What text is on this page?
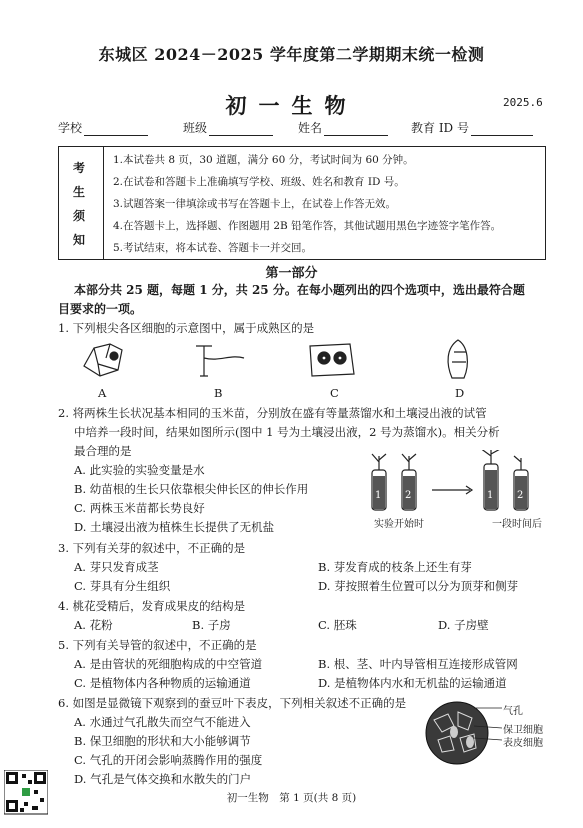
东城区 2024－2025 学年度第二学期期末统一检测
初一生物	2025.6
学校	班级	姓名	教育 ID 号
考
生
须
知
1.本试卷共 8 页，30 道题，满分 60 分，考试时间为 60 分钟。
2.在试卷和答题卡上准确填写学校、班级、姓名和教育 ID 号。
3.试题答案一律填涂或书写在答题卡上，在试卷上作答无效。
4.在答题卡上，选择题、作图题用 2B 铅笔作答，其他试题用黑色字迹签字笔作答。
5.考试结束，将本试卷、答题卡一并交回。
第一部分
本部分共 25 题，每题 1 分，共 25 分。在每小题列出的四个选项中，选出最符合题
目要求的一项。
1. 下列根尖各区细胞的示意图中，属于成熟区的是
A	B	C	D
2. 将两株生长状况基本相同的玉米苗，分别放在盛有等量蒸馏水和土壤浸出液的试管
中培养一段时间，结果如图所示(图中 1 号为土壤浸出液，2 号为蒸馏水)。相关分析
最合理的是
A. 此实验的实验变量是水
B. 幼苗根的生长只依靠根尖伸长区的伸长作用
C. 两株玉米苗都长势良好
D. 土壤浸出液为植株生长提供了无机盐
1 2	1 2
实验开始时	一段时间后
3. 下列有关芽的叙述中，不正确的是
A. 芽只发育成茎	B. 芽发育成的枝条上还生有芽
C. 芽具有分生组织	D. 芽按照着生位置可以分为顶芽和侧芽
4. 桃花受精后，发育成果皮的结构是
A. 花粉	B. 子房	C. 胚珠	D. 子房壁
5. 下列有关导管的叙述中，不正确的是
A. 是由管状的死细胞构成的中空管道	B. 根、茎、叶内导管相互连接形成管网
C. 是植物体内各种物质的运输通道	D. 是植物体内水和无机盐的运输通道
6. 如图是显微镜下观察到的蚕豆叶下表皮，下列相关叙述不正确的是
A. 水通过气孔散失而空气不能进入
B. 保卫细胞的形状和大小能够调节
C. 气孔的开闭会影响蒸腾作用的强度
D. 气孔是气体交换和水散失的门户
气孔
保卫细胞
表皮细胞
初一生物　第 1 页(共 8 页)
